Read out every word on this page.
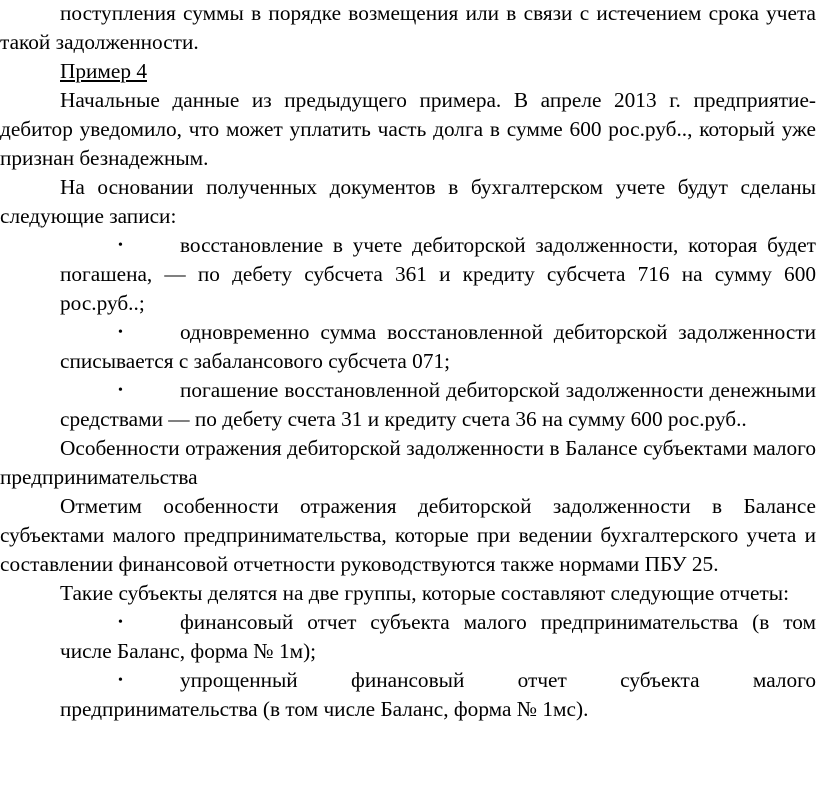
поступления суммы в порядке возмещения или в связи с истечением срока учета такой задолженности.

Пример 4

Начальные данные из предыдущего примера. В апреле 2013 г. предприятие-дебитор уведомило, что может уплатить часть долга в сумме 600 рос.руб.., который уже признан безнадежным.

На основании полученных документов в бухгалтерском учете будут сделаны следующие записи:

•	восстановление в учете дебиторской задолженности, которая будет погашена, — по дебету субсчета 361 и кредиту субсчета 716 на сумму 600 рос.руб..;

•	одновременно сумма восстановленной дебиторской задолженности списывается с забалансового субсчета 071;

•	погашение восстановленной дебиторской задолженности денежными средствами — по дебету счета 31 и кредиту счета 36 на сумму 600 рос.руб..

Особенности отражения дебиторской задолженности в Балансе субъектами малого предпринимательства

Отметим особенности отражения дебиторской задолженности в Балансе субъектами малого предпринимательства, которые при ведении бухгалтерского учета и составлении финансовой отчетности руководствуются также нормами ПБУ 25.

Такие субъекты делятся на две группы, которые составляют следующие отчеты:

•	финансовый отчет субъекта малого предпринимательства (в том числе Баланс, форма № 1м);

•	упрощенный финансовый отчет субъекта малого предпринимательства (в том числе Баланс, форма № 1мс).
